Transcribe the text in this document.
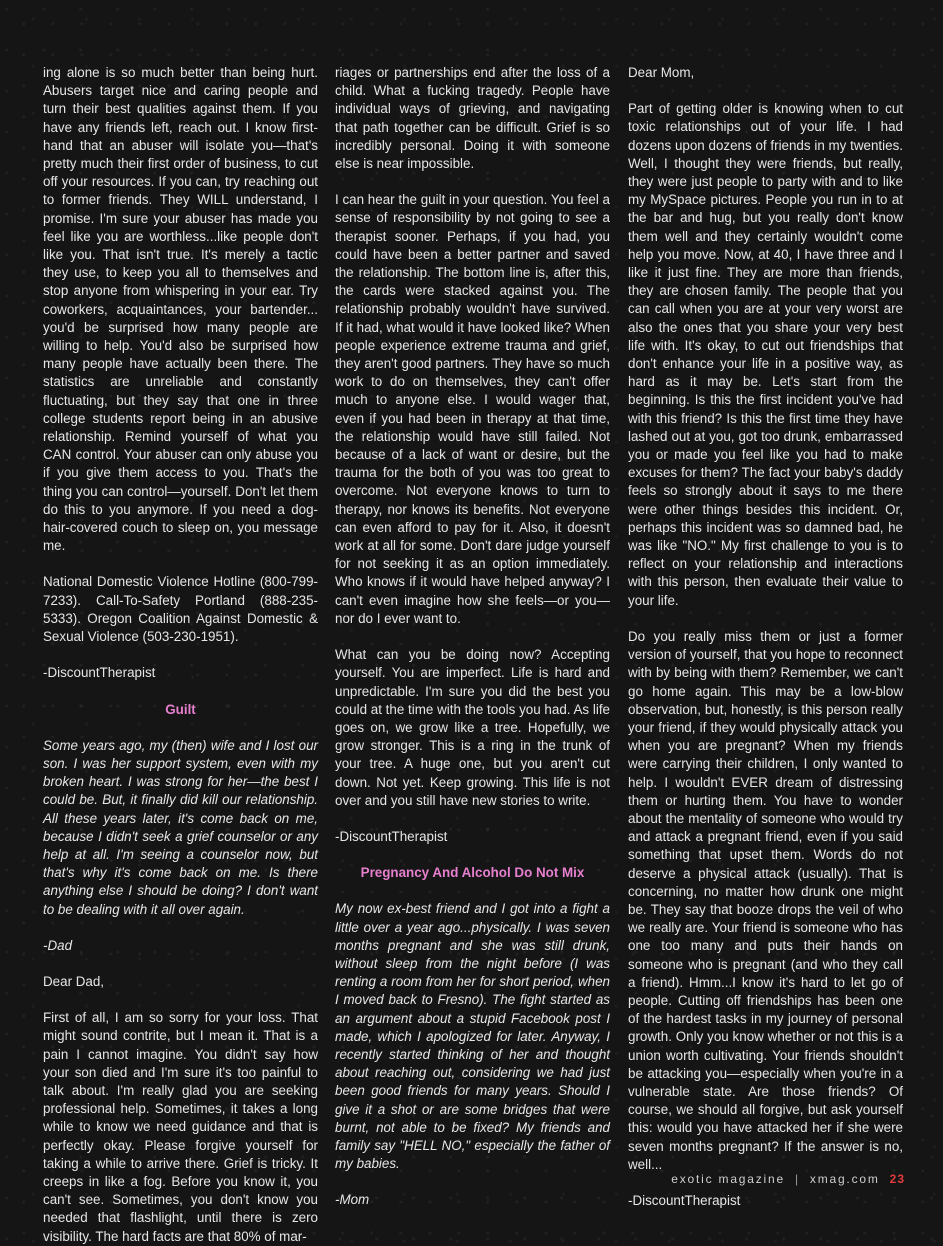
ing alone is so much better than being hurt. Abusers target nice and caring people and turn their best qualities against them. If you have any friends left, reach out. I know first-hand that an abuser will isolate you—that's pretty much their first order of business, to cut off your resources. If you can, try reaching out to former friends. They WILL understand, I promise. I'm sure your abuser has made you feel like you are worthless...like people don't like you. That isn't true. It's merely a tactic they use, to keep you all to themselves and stop anyone from whispering in your ear. Try coworkers, acquaintances, your bartender... you'd be surprised how many people are willing to help. You'd also be surprised how many people have actually been there. The statistics are unreliable and constantly fluctuating, but they say that one in three college students report being in an abusive relationship. Remind yourself of what you CAN control. Your abuser can only abuse you if you give them access to you. That's the thing you can control—yourself. Don't let them do this to you anymore. If you need a dog-hair-covered couch to sleep on, you message me.

National Domestic Violence Hotline (800-799-7233). Call-To-Safety Portland (888-235-5333). Oregon Coalition Against Domestic & Sexual Violence (503-230-1951).

-DiscountTherapist

Guilt

Some years ago, my (then) wife and I lost our son. I was her support system, even with my broken heart. I was strong for her—the best I could be. But, it finally did kill our relationship. All these years later, it's come back on me, because I didn't seek a grief counselor or any help at all. I'm seeing a counselor now, but that's why it's come back on me. Is there anything else I should be doing? I don't want to be dealing with it all over again.

-Dad

Dear Dad,

First of all, I am so sorry for your loss. That might sound contrite, but I mean it. That is a pain I cannot imagine. You didn't say how your son died and I'm sure it's too painful to talk about. I'm really glad you are seeking professional help. Sometimes, it takes a long while to know we need guidance and that is perfectly okay. Please forgive yourself for taking a while to arrive there. Grief is tricky. It creeps in like a fog. Before you know it, you can't see. Sometimes, you don't know you needed that flashlight, until there is zero visibility. The hard facts are that 80% of mar-

riages or partnerships end after the loss of a child. What a fucking tragedy. People have individual ways of grieving, and navigating that path together can be difficult. Grief is so incredibly personal. Doing it with someone else is near impossible.

I can hear the guilt in your question. You feel a sense of responsibility by not going to see a therapist sooner. Perhaps, if you had, you could have been a better partner and saved the relationship. The bottom line is, after this, the cards were stacked against you. The relationship probably wouldn't have survived. If it had, what would it have looked like? When people experience extreme trauma and grief, they aren't good partners. They have so much work to do on themselves, they can't offer much to anyone else. I would wager that, even if you had been in therapy at that time, the relationship would have still failed. Not because of a lack of want or desire, but the trauma for the both of you was too great to overcome. Not everyone knows to turn to therapy, nor knows its benefits. Not everyone can even afford to pay for it. Also, it doesn't work at all for some. Don't dare judge yourself for not seeking it as an option immediately. Who knows if it would have helped anyway? I can't even imagine how she feels—or you—nor do I ever want to.

What can you be doing now? Accepting yourself. You are imperfect. Life is hard and unpredictable. I'm sure you did the best you could at the time with the tools you had. As life goes on, we grow like a tree. Hopefully, we grow stronger. This is a ring in the trunk of your tree. A huge one, but you aren't cut down. Not yet. Keep growing. This life is not over and you still have new stories to write.

-DiscountTherapist

Pregnancy And Alcohol Do Not Mix

My now ex-best friend and I got into a fight a little over a year ago...physically. I was seven months pregnant and she was still drunk, without sleep from the night before (I was renting a room from her for short period, when I moved back to Fresno). The fight started as an argument about a stupid Facebook post I made, which I apologized for later. Anyway, I recently started thinking of her and thought about reaching out, considering we had just been good friends for many years. Should I give it a shot or are some bridges that were burnt, not able to be fixed? My friends and family say "HELL NO," especially the father of my babies.

-Mom

Dear Mom,

Part of getting older is knowing when to cut toxic relationships out of your life. I had dozens upon dozens of friends in my twenties. Well, I thought they were friends, but really, they were just people to party with and to like my MySpace pictures. People you run in to at the bar and hug, but you really don't know them well and they certainly wouldn't come help you move. Now, at 40, I have three and I like it just fine. They are more than friends, they are chosen family. The people that you can call when you are at your very worst are also the ones that you share your very best life with. It's okay, to cut out friendships that don't enhance your life in a positive way, as hard as it may be. Let's start from the beginning. Is this the first incident you've had with this friend? Is this the first time they have lashed out at you, got too drunk, embarrassed you or made you feel like you had to make excuses for them? The fact your baby's daddy feels so strongly about it says to me there were other things besides this incident. Or, perhaps this incident was so damned bad, he was like "NO." My first challenge to you is to reflect on your relationship and interactions with this person, then evaluate their value to your life.

Do you really miss them or just a former version of yourself, that you hope to reconnect with by being with them? Remember, we can't go home again. This may be a low-blow observation, but, honestly, is this person really your friend, if they would physically attack you when you are pregnant? When my friends were carrying their children, I only wanted to help. I wouldn't EVER dream of distressing them or hurting them. You have to wonder about the mentality of someone who would try and attack a pregnant friend, even if you said something that upset them. Words do not deserve a physical attack (usually). That is concerning, no matter how drunk one might be. They say that booze drops the veil of who we really are. Your friend is someone who has one too many and puts their hands on someone who is pregnant (and who they call a friend). Hmm...I know it's hard to let go of people. Cutting off friendships has been one of the hardest tasks in my journey of personal growth. Only you know whether or not this is a union worth cultivating. Your friends shouldn't be attacking you—especially when you're in a vulnerable state. Are those friends? Of course, we should all forgive, but ask yourself this: would you have attacked her if she were seven months pregnant? If the answer is no, well...

-DiscountTherapist

exotic magazine | xmag.com 23
